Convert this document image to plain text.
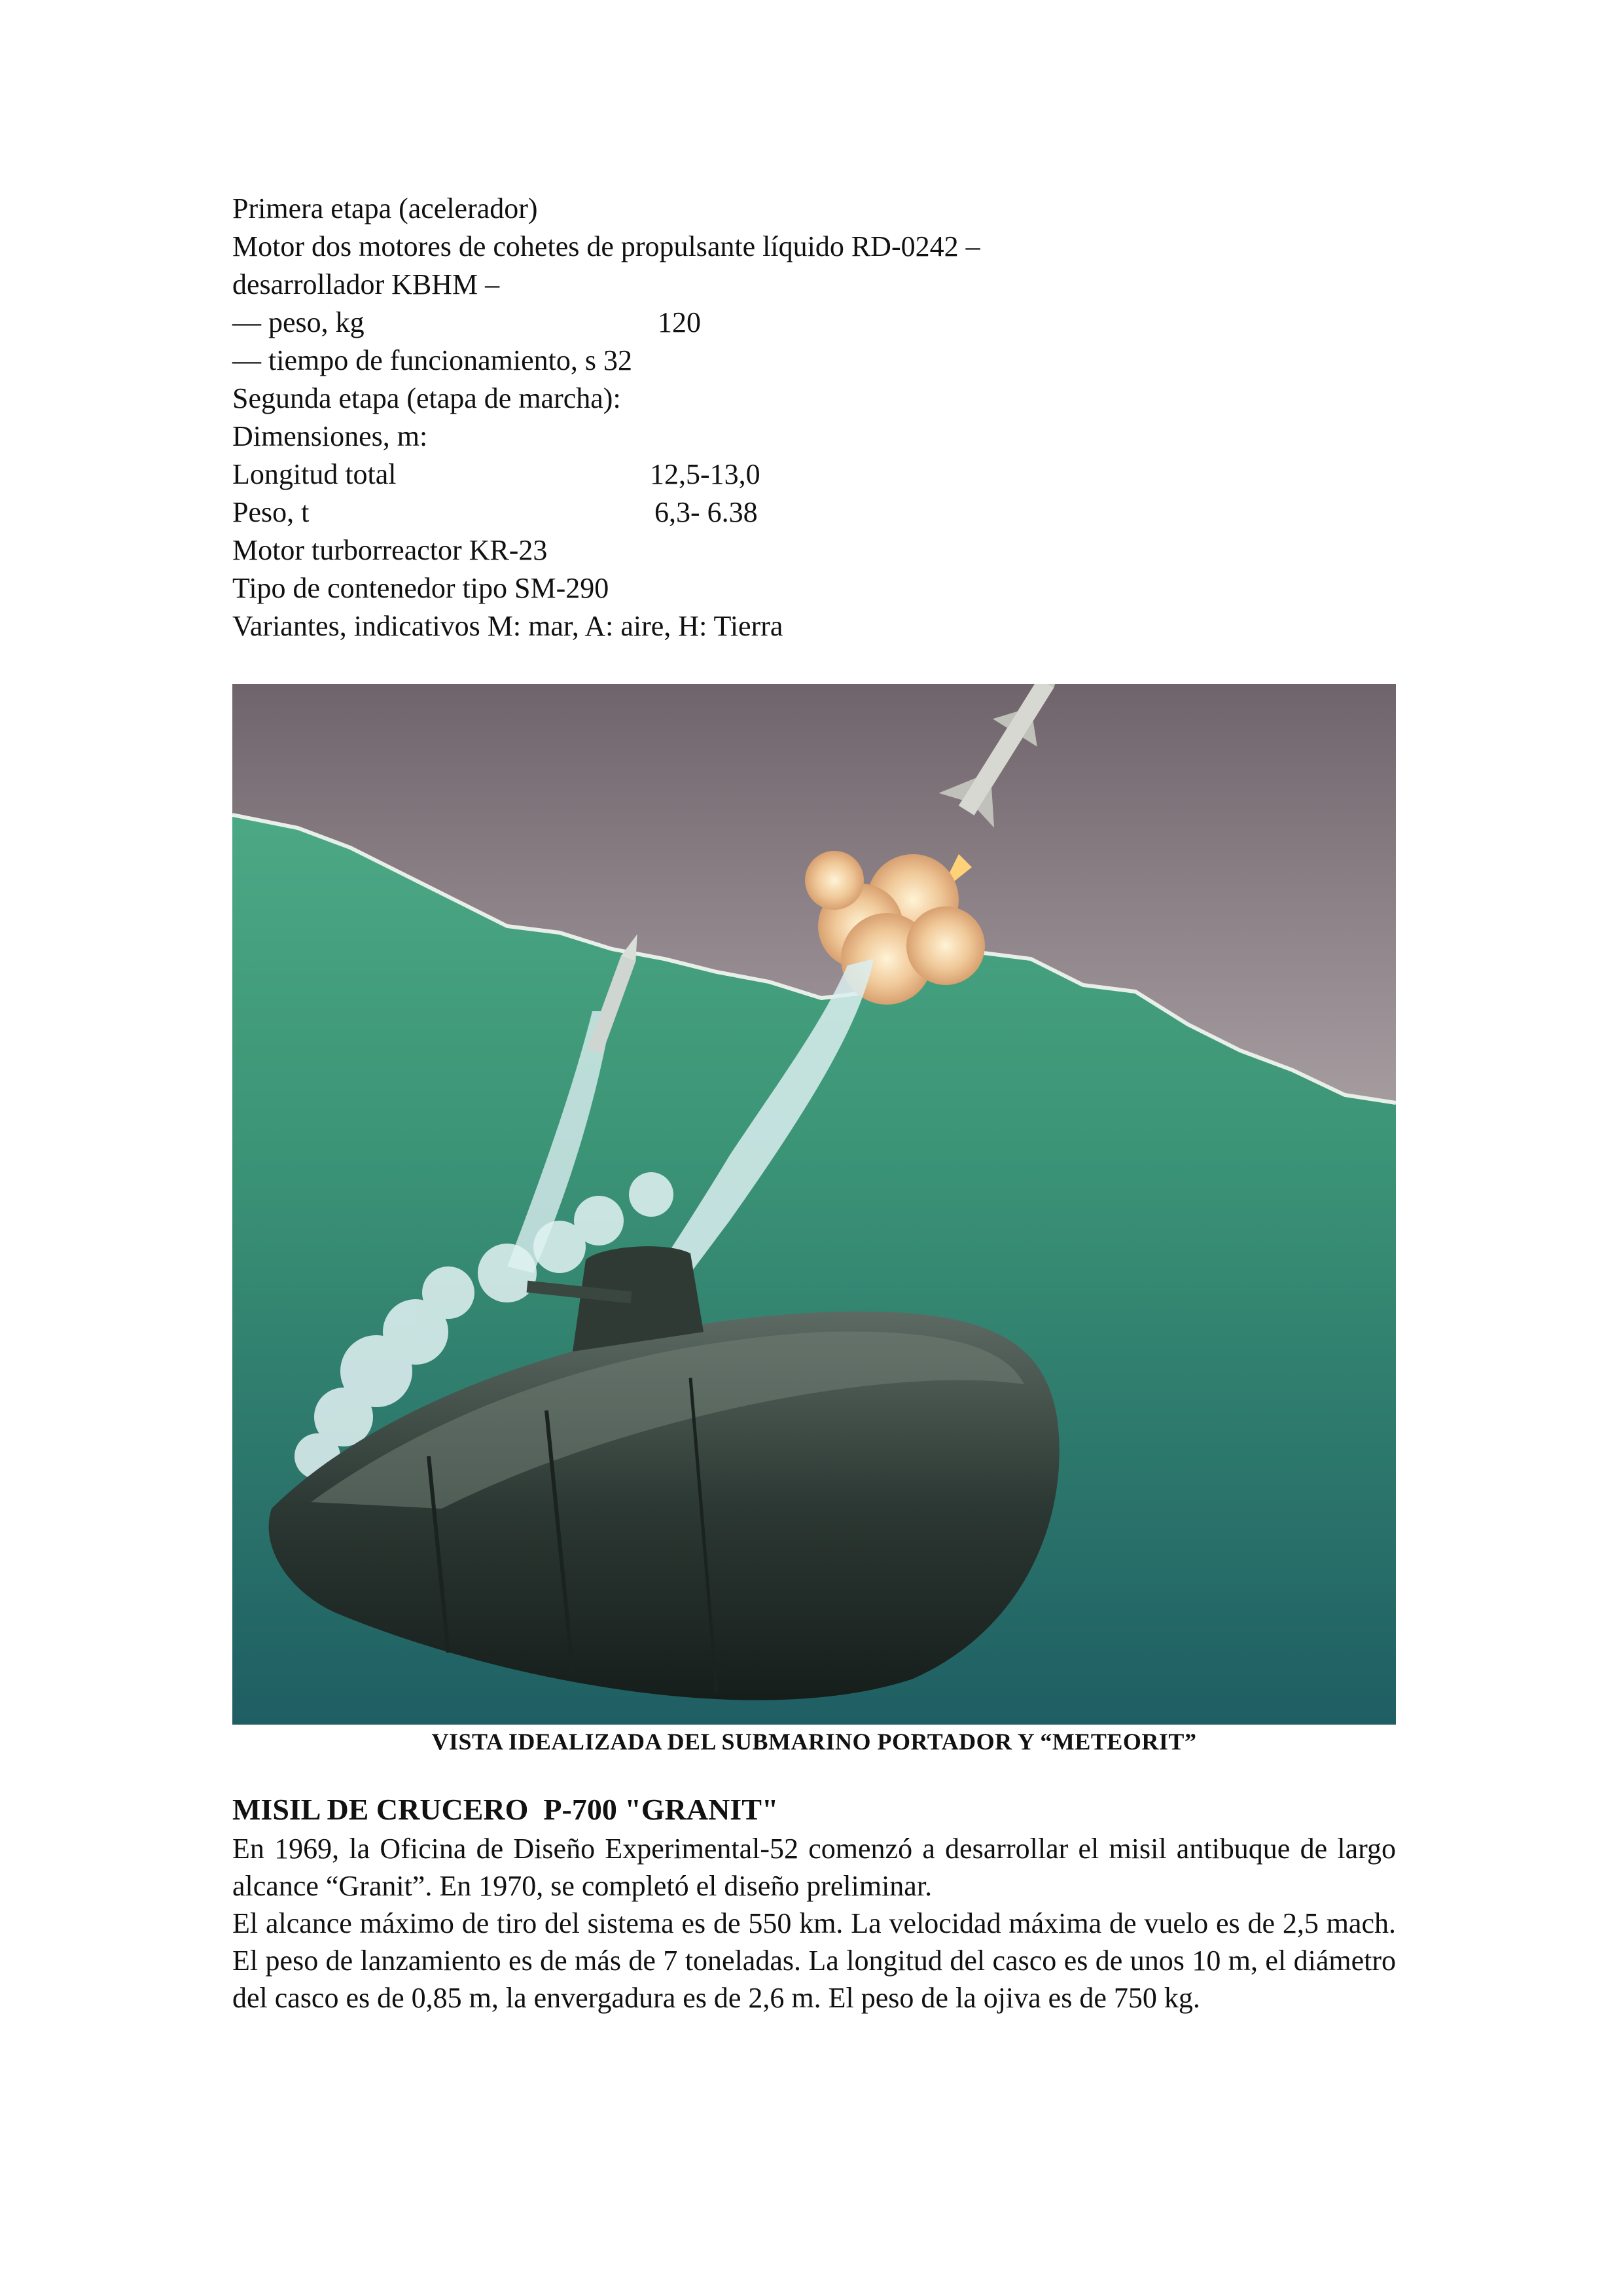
Primera etapa (acelerador)
Motor dos motores de cohetes de propulsante líquido RD-0242 –
desarrollador KBHM –
— peso, kg	120
— tiempo de funcionamiento, s 32
Segunda etapa (etapa de marcha):
Dimensiones, m:
Longitud total	12,5-13,0
Peso, t	6,3- 6.38
Motor turborreactor KR-23
Tipo de contenedor tipo SM-290
Variantes, indicativos M: mar, A: aire, H: Tierra
VISTA IDEALIZADA DEL SUBMARINO PORTADOR Y “METEORIT”
MISIL DE CRUCERO  P-700 "GRANIT"

En 1969, la Oficina de Diseño Experimental-52 comenzó a desarrollar el misil antibuque de largo alcance “Granit”. En 1970, se completó el diseño preliminar.

El alcance máximo de tiro del sistema es de 550 km. La velocidad máxima de vuelo es de 2,5 mach. El peso de lanzamiento es de más de 7 toneladas. La longitud del casco es de unos 10 m, el diámetro del casco es de 0,85 m, la envergadura es de 2,6 m. El peso de la ojiva es de 750 kg.
